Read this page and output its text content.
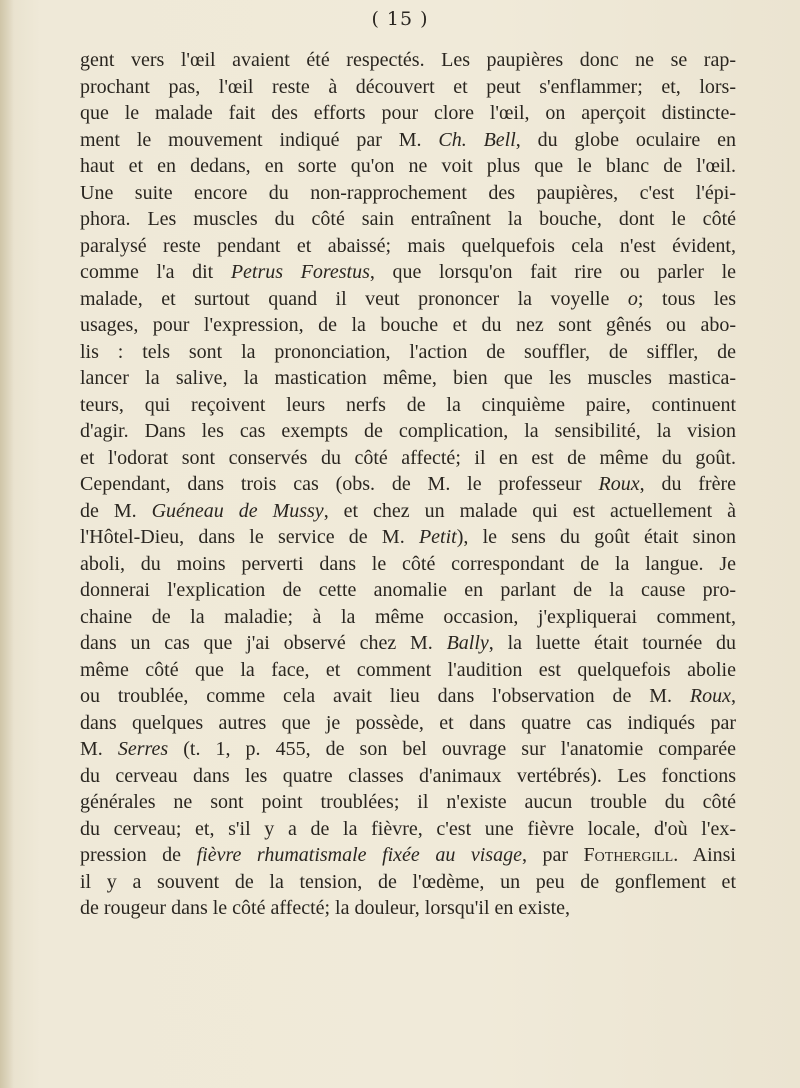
( 15 )
gent vers l'œil avaient été respectés. Les paupières donc ne se rap-
prochant pas, l'œil reste à découvert et peut s'enflammer; et, lors-
que le malade fait des efforts pour clore l'œil, on aperçoit distincte-
ment le mouvement indiqué par M. Ch. Bell, du globe oculaire en
haut et en dedans, en sorte qu'on ne voit plus que le blanc de l'œil.
Une suite encore du non-rapprochement des paupières, c'est l'épi-
phora. Les muscles du côté sain entraînent la bouche, dont le côté
paralysé reste pendant et abaissé; mais quelquefois cela n'est évident,
comme l'a dit Petrus Forestus, que lorsqu'on fait rire ou parler le
malade, et surtout quand il veut prononcer la voyelle o; tous les
usages, pour l'expression, de la bouche et du nez sont gênés ou abo-
lis : tels sont la prononciation, l'action de souffler, de siffler, de
lancer la salive, la mastication même, bien que les muscles mastica-
teurs, qui reçoivent leurs nerfs de la cinquième paire, continuent
d'agir. Dans les cas exempts de complication, la sensibilité, la vision
et l'odorat sont conservés du côté affecté; il en est de même du goût.
Cependant, dans trois cas (obs. de M. le professeur Roux, du frère
de M. Guéneau de Mussy, et chez un malade qui est actuellement à
l'Hôtel-Dieu, dans le service de M. Petit), le sens du goût était sinon
aboli, du moins perverti dans le côté correspondant de la langue. Je
donnerai l'explication de cette anomalie en parlant de la cause pro-
chaine de la maladie; à la même occasion, j'expliquerai comment,
dans un cas que j'ai observé chez M. Bally, la luette était tournée du
même côté que la face, et comment l'audition est quelquefois abolie
ou troublée, comme cela avait lieu dans l'observation de M. Roux,
dans quelques autres que je possède, et dans quatre cas indiqués par
M. Serres (t. 1, p. 455, de son bel ouvrage sur l'anatomie comparée
du cerveau dans les quatre classes d'animaux vertébrés). Les fonctions
générales ne sont point troublées; il n'existe aucun trouble du côté
du cerveau; et, s'il y a de la fièvre, c'est une fièvre locale, d'où l'ex-
pression de fièvre rhumatismale fixée au visage, par Fothergill. Ainsi
il y a souvent de la tension, de l'œdème, un peu de gonflement et
de rougeur dans le côté affecté; la douleur, lorsqu'il en existe,
